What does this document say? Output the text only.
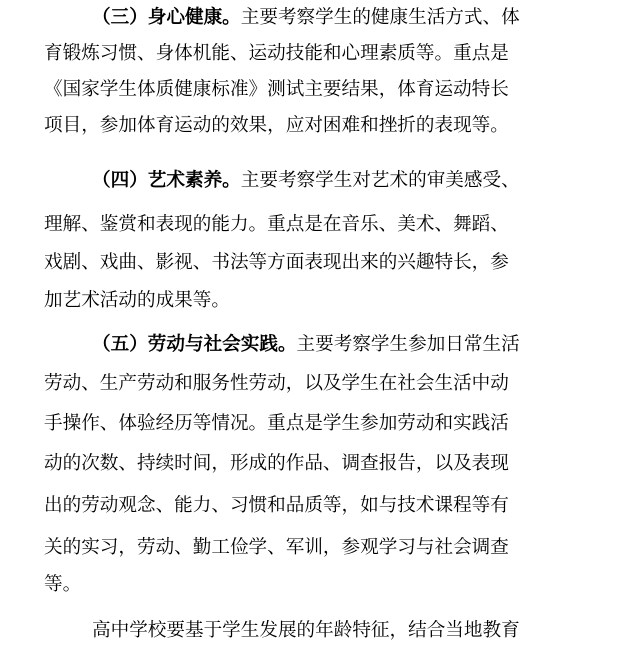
（三）身心健康。主要考察学生的健康生活方式、体
育锻炼习惯、身体机能、运动技能和心理素质等。重点是
《国家学生体质健康标准》测试主要结果，体育运动特长
项目，参加体育运动的效果，应对困难和挫折的表现等。
（四）艺术素养。主要考察学生对艺术的审美感受、
理解、鉴赏和表现的能力。重点是在音乐、美术、舞蹈、
戏剧、戏曲、影视、书法等方面表现出来的兴趣特长，参
加艺术活动的成果等。
（五）劳动与社会实践。主要考察学生参加日常生活
劳动、生产劳动和服务性劳动，以及学生在社会生活中动
手操作、体验经历等情况。重点是学生参加劳动和实践活
动的次数、持续时间，形成的作品、调查报告，以及表现
出的劳动观念、能力、习惯和品质等，如与技术课程等有
关的实习，劳动、勤工俭学、军训，参观学习与社会调查
等。
高中学校要基于学生发展的年龄特征，结合当地教育
